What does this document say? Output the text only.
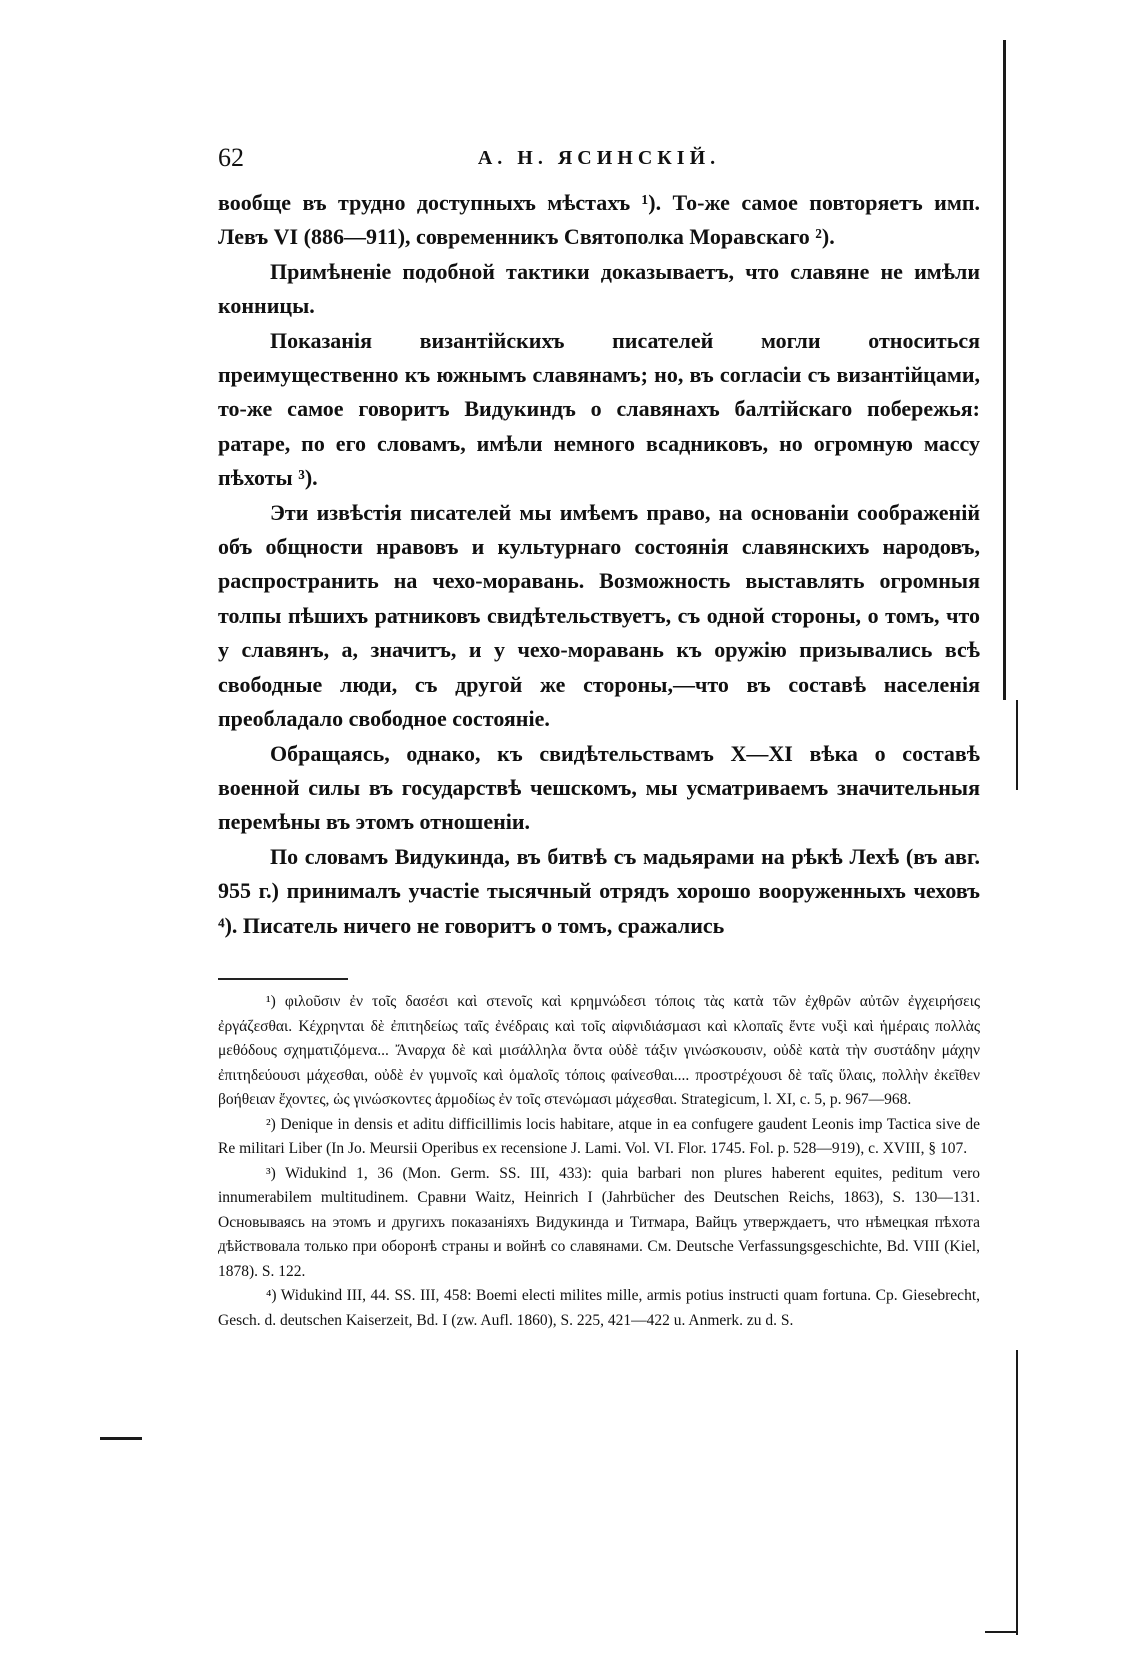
62	А. Н. ЯСИНСКІЙ.

вообще въ трудно доступныхъ мѣстахъ ¹). То-же самое повторяетъ имп. Левъ VI (886—911), современникъ Святополка Моравскаго ²).

Примѣненіе подобной тактики доказываетъ, что славяне не имѣли конницы.

Показанія византійскихъ писателей могли относиться преимущественно къ южнымъ славянамъ; но, въ согласіи съ византійцами, то-же самое говоритъ Видукиндъ о славянахъ балтійскаго побережья: ратаре, по его словамъ, имѣли немного всадниковъ, но огромную массу пѣхоты ³).

Эти извѣстія писателей мы имѣемъ право, на основаніи соображеній объ общности нравовъ и культурнаго состоянія славянскихъ народовъ, распространить на чехо-моравань. Возможность выставлять огромныя толпы пѣшихъ ратниковъ свидѣтельствуетъ, съ одной стороны, о томъ, что у славянъ, а, значитъ, и у чехо-моравань къ оружію призывались всѣ свободные люди, съ другой же стороны,—что въ составѣ населенія преобладало свободное состояніе.

Обращаясь, однако, къ свидѣтельствамъ X—XI вѣка о составѣ военной силы въ государствѣ чешскомъ, мы усматриваемъ значительныя перемѣны въ этомъ отношеніи.

По словамъ Видукинда, въ битвѣ съ мадьярами на рѣкѣ Лехѣ (въ авг. 955 г.) принималъ участіе тысячный отрядъ хорошо вооруженныхъ чеховъ ⁴). Писатель ничего не говоритъ о томъ, сражались

¹) φιλοῦσιν ἐν τοῖς δασέσι καὶ στενοῖς καὶ κρημνώδεσι τόποις τὰς κατὰ τῶν ἐχθρῶν αὐτῶν ἐγχειρήσεις ἐργάζεσθαι. Κέχρηνται δὲ ἐπιτηδείως ταῖς ἐνέδραις καὶ τοῖς αἰφνιδιάσμασι καὶ κλοπαῖς ἔντε νυξὶ καὶ ἡμέραις πολλὰς μεθόδους σχηματιζόμενα... Ἄναρχα δὲ καὶ μισάλληλα ὄντα οὐδὲ τάξιν γινώσκουσιν, οὐδὲ κατὰ τὴν συστάδην μάχην ἐπιτηδεύουσι μάχεσθαι, οὐδὲ ἐν γυμνοῖς καὶ ὁμαλοῖς τόποις φαίνεσθαι.... προστρέχουσι δὲ ταῖς ὕλαις, πολλὴν ἐκεῖθεν βοήθειαν ἔχοντες, ὡς γινώσκοντες ἁρμοδίως ἐν τοῖς στενώμασι μάχεσθαι. Strategicum, l. XI, c. 5, p. 967—968.

²) Denique in densis et aditu difficillimis locis habitare, atque in ea confugere gaudent Leonis imp Tactica sive de Re militari Liber (In Jo. Meursii Operibus ex recensione J. Lami. Vol. VI. Flor. 1745. Fol. p. 528—919), c. XVIII, § 107.

³) Widukind 1, 36 (Mon. Germ. SS. III, 433): quia barbari non plures haberent equites, peditum vero innumerabilem multitudinem. Сравни Waitz, Heinrich I (Jahrbücher des Deutschen Reichs, 1863), S. 130—131. Основываясь на этомъ и другихъ показаніяхъ Видукинда и Титмара, Вайцъ утверждаетъ, что нѣмецкая пѣхота дѣйствовала только при оборонѣ страны и войнѣ со славянами. См. Deutsche Verfassungsgeschichte, Bd. VIII (Kiel, 1878). S. 122.

⁴) Widukind III, 44. SS. III, 458: Boemi electi milites mille, armis potius instructi quam fortuna. Ср. Giesebrecht, Gesch. d. deutschen Kaiserzeit, Bd. I (zw. Aufl. 1860), S. 225, 421—422 u. Anmerk. zu d. S.
